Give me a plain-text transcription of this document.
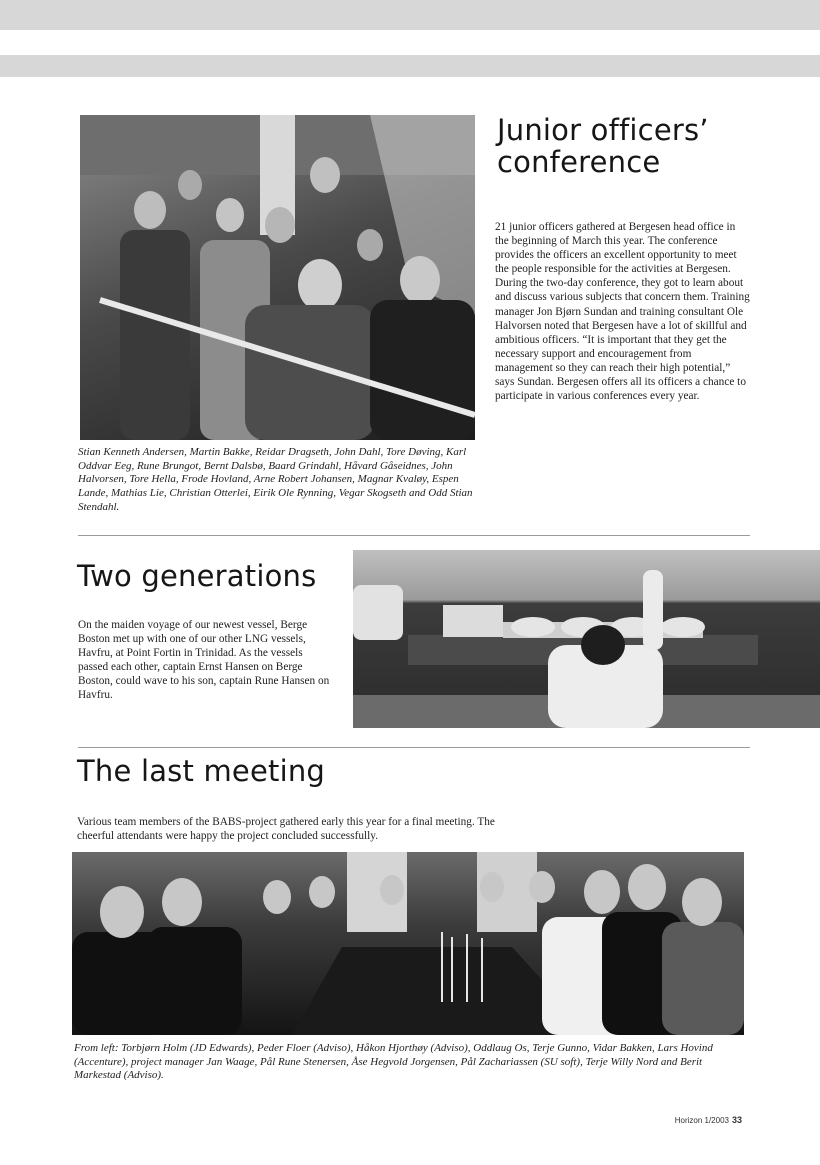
Junior officers’ conference

21 junior officers gathered at Bergesen head office in the beginning of March this year. The conference provides the officers an excellent opportunity to meet the people responsible for the activities at Bergesen. During the two-day conference, they got to learn about and discuss various subjects that concern them. Training manager Jon Bjørn Sundan and training consultant Ole Halvorsen noted that Bergesen have a lot of skillful and ambitious officers. “It is important that they get the necessary support and encouragement from management so they can reach their high potential,” says Sundan. Bergesen offers all its officers a chance to participate in various conferences every year.

Stian Kenneth Andersen, Martin Bakke, Reidar Dragseth, John Dahl, Tore Døving, Karl Oddvar Eeg, Rune Brungot, Bernt Dalsbø, Baard Grindahl, Håvard Gåseidnes, John Halvorsen, Tore Hella, Frode Hovland, Arne Robert Johansen, Magnar Kvaløy, Espen Lande, Mathias Lie, Christian Otterlei, Eirik Ole Rynning, Vegar Skogseth and Odd Stian Stendahl.

Two generations

On the maiden voyage of our newest vessel, Berge Boston met up with one of our other LNG vessels, Havfru, at Point Fortin in Trinidad. As the vessels passed each other, captain Ernst Hansen on Berge Boston, could wave to his son, captain Rune Hansen on Havfru.

The last meeting

Various team members of the BABS-project gathered early this year for a final meeting. The cheerful attendants were happy the project concluded successfully.

From left: Torbjørn Holm (JD Edwards), Peder Floer (Adviso), Håkon Hjorthøy (Adviso), Oddlaug Os, Terje Gunno, Vidar Bakken, Lars Hovind (Accenture), project manager Jan Waage, Pål Rune Stenersen, Åse Hegvold Jorgensen, Pål Zachariassen (SU soft), Terje Willy Nord and Berit Markestad (Adviso).

Horizon 1/2003 33
